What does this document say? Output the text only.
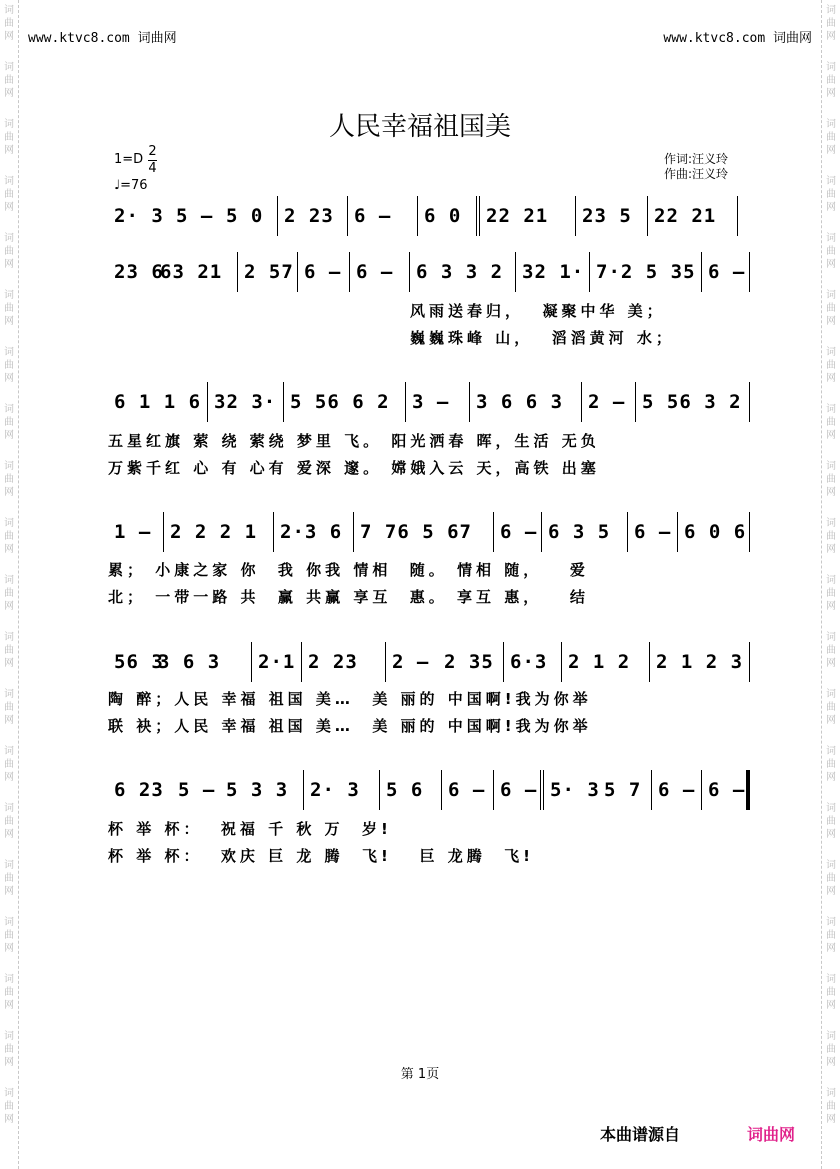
词
曲
网
词
曲
网
词
曲
网
词
曲
网
词
曲
网
词
曲
网
词
曲
网
词
曲
网
词
曲
网
词
曲
网
词
曲
网
词
曲
网
词
曲
网
词
曲
网
词
曲
网
词
曲
网
词
曲
网
词
曲
网
词
曲
网
词
曲
网
词
曲
网
词
曲
网
词
曲
网
词
曲
网
词
曲
网
词
曲
网
词
曲
网
词
曲
网
词
曲
网
词
曲
网
词
曲
网
词
曲
网
词
曲
网
词
曲
网
词
曲
网
词
曲
网
词
曲
网
词
曲
网
词
曲
网
词
曲
网
www.ktvc8.com 词曲网	www.ktvc8.com 词曲网
人民幸福祖国美
1=D
2
4
♩=76
作词:汪义玲
作曲:汪义玲
2· 3 5 – 5 0 2 23 6 – 6 0 22 21 23 5 22 21
23 6
63 21 2 57 6 – 6 – 6 3 3 2 32 1· 7·2 5 35 6 –
风雨送春归，  凝聚中华 美；
巍巍珠峰 山，  滔滔黄河 水；
6 1 1 6 32 3· 5 56 6 2 3 – 3 6 6 3 2 – 5 56 3 2
五星红旗 萦 绕 萦绕 梦里 飞。 阳光洒春 晖，生活 无负
万紫千红 心 有 心有 爱深 邃。 嫦娥入云 天，高铁 出塞
1 – 2 2 2 1 2·3 6 7 76 5 67 6 – 6 3 5 6 – 6 0 6
累； 小康之家 你  我 你我 情相  随。 情相 随，   爱
北； 一带一路 共  赢 共赢 享互  惠。 享互 惠，   结
56 3
3 6 3 2·1 2 23 2 – 2 35 6·3 2 1 2 2 1 2 3
陶 醉；人民 幸福 祖国 美…  美 丽的 中国啊!我为你举
联 袂；人民 幸福 祖国 美…  美 丽的 中国啊!我为你举
6 23 5 – 5 3 3 2· 3 5 6 6 – 6 – 5· 3 5 7 6 – 6 –
杯 举 杯：  祝福 千 秋 万  岁!
杯 举 杯：  欢庆 巨 龙 腾  飞!   巨 龙腾  飞!
第 1页
本曲谱源自	词曲网
